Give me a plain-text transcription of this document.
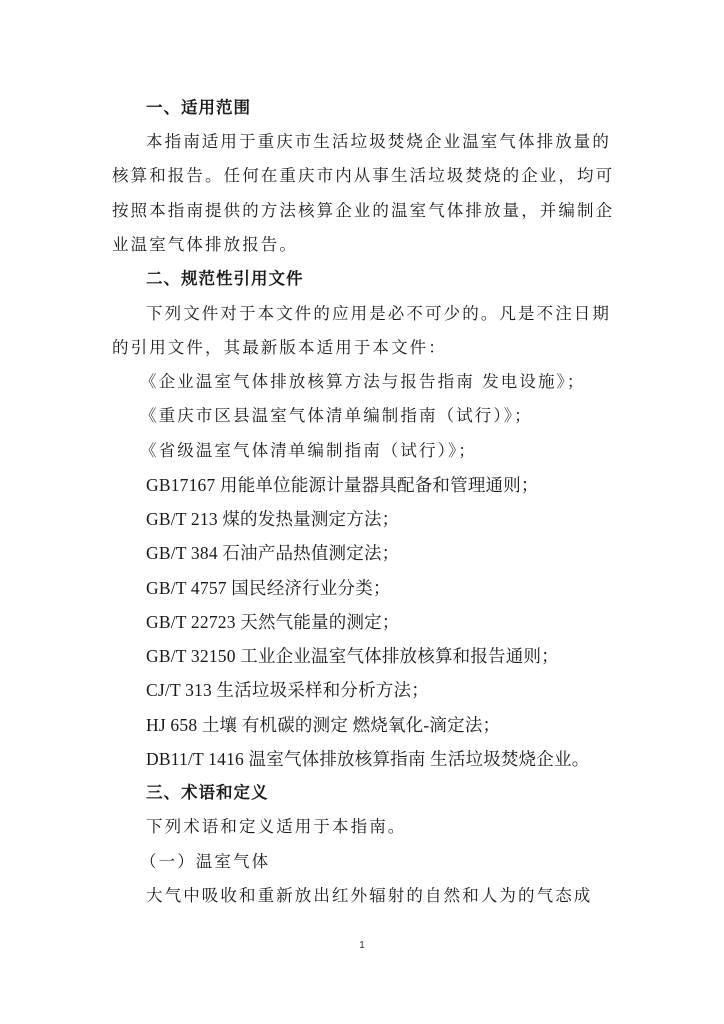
一、适用范围
本指南适用于重庆市生活垃圾焚烧企业温室气体排放量的
核算和报告。任何在重庆市内从事生活垃圾焚烧的企业，均可
按照本指南提供的方法核算企业的温室气体排放量，并编制企
业温室气体排放报告。
二、规范性引用文件
下列文件对于本文件的应用是必不可少的。凡是不注日期
的引用文件，其最新版本适用于本文件：
《企业温室气体排放核算方法与报告指南 发电设施》；
《重庆市区县温室气体清单编制指南（试行）》；
《省级温室气体清单编制指南（试行）》；
GB17167 用能单位能源计量器具配备和管理通则；
GB/T 213 煤的发热量测定方法；
GB/T 384 石油产品热值测定法；
GB/T 4757 国民经济行业分类；
GB/T 22723 天然气能量的测定；
GB/T 32150 工业企业温室气体排放核算和报告通则；
CJ/T 313 生活垃圾采样和分析方法；
HJ 658 土壤 有机碳的测定 燃烧氧化-滴定法；
DB11/T 1416 温室气体排放核算指南 生活垃圾焚烧企业。
三、术语和定义
下列术语和定义适用于本指南。
（一）温室气体
大气中吸收和重新放出红外辐射的自然和人为的气态成
1
